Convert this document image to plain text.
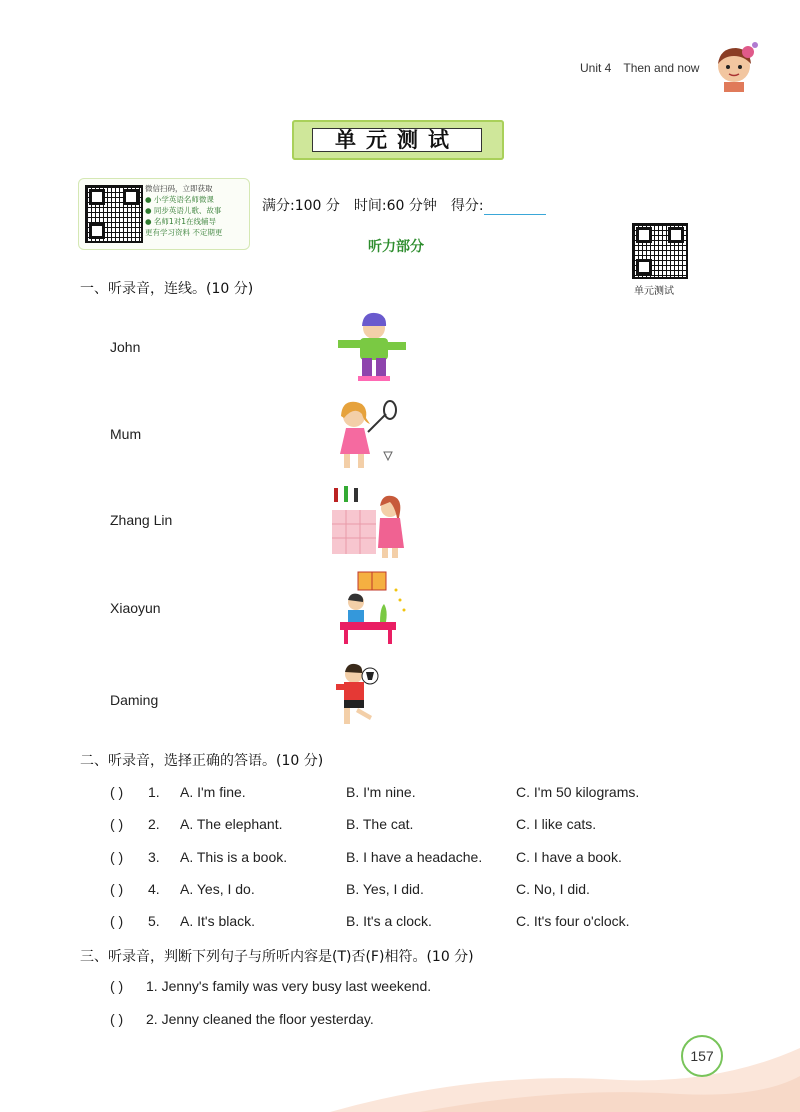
Unit 4 Then and now
单元测试
微信扫码，立即获取
● 小学英语名师微课
● 同步英语儿歌、故事
● 名师1对1在线辅导
更有学习资料 不定期更
满分:100 分 时间:60 分钟 得分:
听力部分
单元测试
一、听录音，连线。(10 分)
John
Mum
Zhang Lin
Xiaoyun
Daming
二、听录音，选择正确的答语。(10 分)
( )	1. A. I'm fine.	B. I'm nine.	C. I'm 50 kilograms.
( )	2. A. The elephant.	B. The cat.	C. I like cats.
( )	3. A. This is a book.	B. I have a headache. C. I have a book.
( )	4. A. Yes, I do.	B. Yes, I did.	C. No, I did.
( )	5. A. It's black.	B. It's a clock.	C. It's four o'clock.
三、听录音，判断下列句子与所听内容是(T)否(F)相符。(10 分)
( ) 1. Jenny's family was very busy last weekend.
( ) 2. Jenny cleaned the floor yesterday.
157
